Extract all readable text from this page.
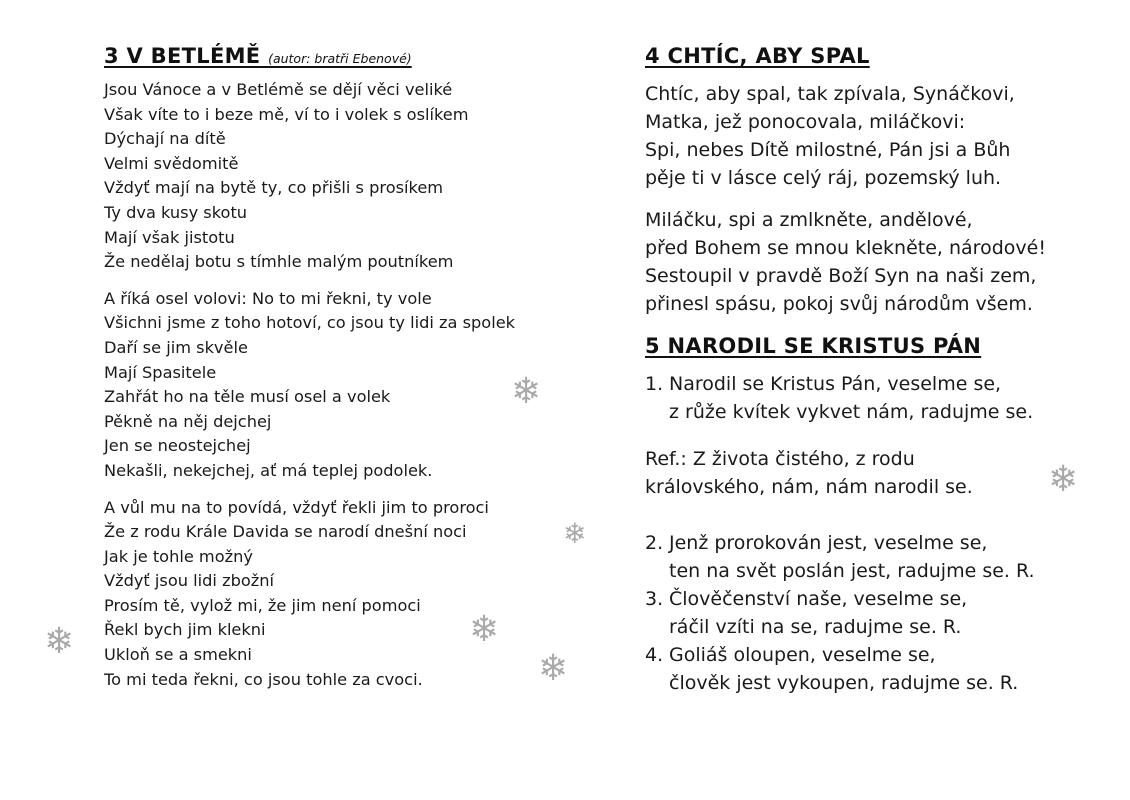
3 V BETLÉMĚ (autor: bratři Ebenové)
Jsou Vánoce a v Betlémě se dějí věci veliké
Však víte to i beze mě, ví to i volek s oslíkem
Dýchají na dítě
Velmi svědomitě
Vždyť mají na bytě ty, co přišli s prosíkem
Ty dva kusy skotu
Mají však jistotu
Že nedělaj botu s tímhle malým poutníkem
A říká osel volovi: No to mi řekni, ty vole
Všichni jsme z toho hotoví, co jsou ty lidi za spolek
Daří se jim skvěle
Mají Spasitele
Zahřát ho na těle musí osel a volek
Pěkně na něj dejchej
Jen se neostejchej
Nekašli, nekejchej, ať má teplej podolek.
A vůl mu na to povídá, vždyť řekli jim to proroci
Že z rodu Krále Davida se narodí dnešní noci
Jak je tohle možný
Vždyť jsou lidi zbožní
Prosím tě, vylož mi, že jim není pomoci
Řekl bych jim klekni
Ukloň se a smekni
To mi teda řekni, co jsou tohle za cvoci.
4 CHTÍC, ABY SPAL
Chtíc, aby spal, tak zpívala, Synáčkovi,
Matka, jež ponocovala, miláčkovi:
Spi, nebes Dítě milostné, Pán jsi a Bůh
pěje ti v lásce celý ráj, pozemský luh.
Miláčku, spi a zmlkněte, andělové,
před Bohem se mnou klekněte, národové!
Sestoupil v pravdě Boží Syn na naši zem,
přinesl spásu, pokoj svůj národům všem.
5 NARODIL SE KRISTUS PÁN
1. Narodil se Kristus Pán, veselme se,
z růže kvítek vykvet nám, radujme se.
Ref.: Z života čistého, z rodu
královského, nám, nám narodil se.
2. Jenž prorokován jest, veselme se,
ten na svět poslán jest, radujme se. R.
3. Člověčenství naše, veselme se,
ráčil vzíti na se, radujme se. R.
4. Goliáš oloupen, veselme se,
člověk jest vykoupen, radujme se. R.
❄
❄
❄
❄
❄
❄
